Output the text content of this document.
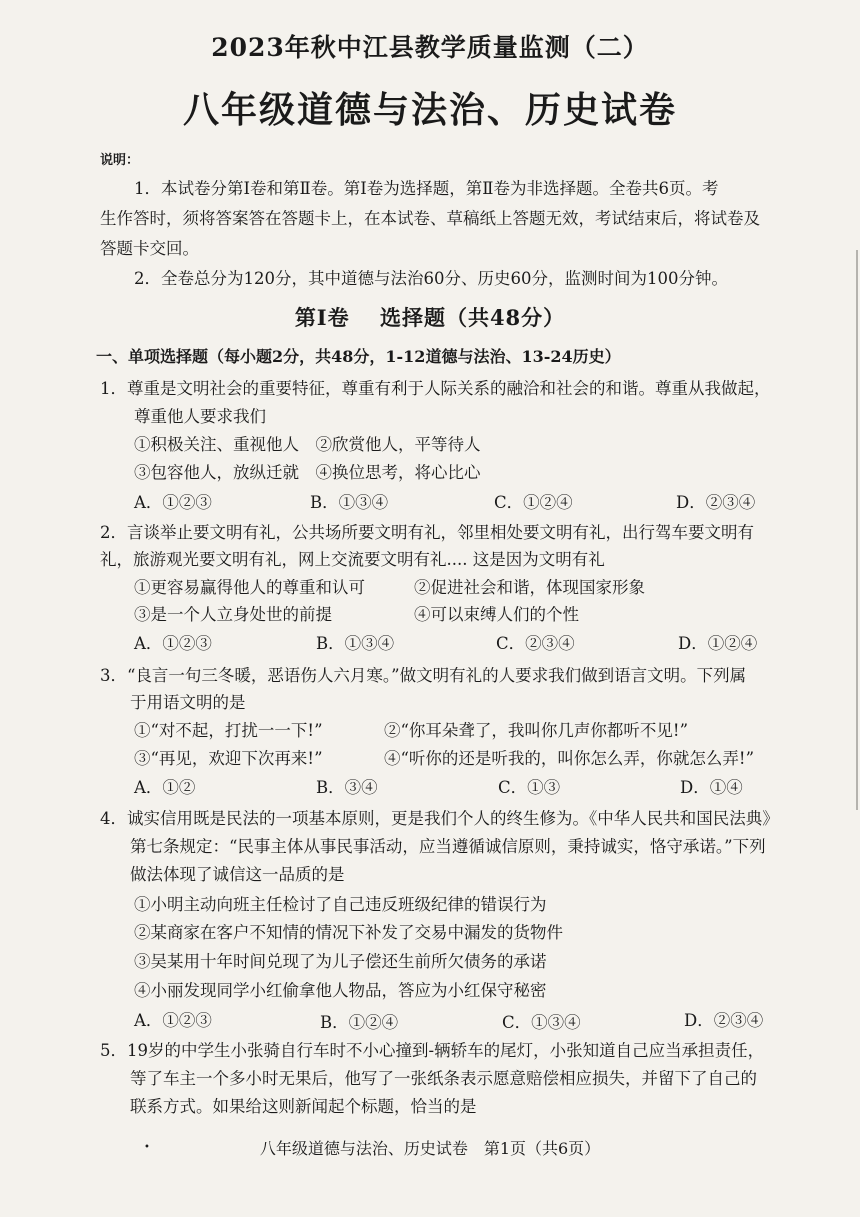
2023年秋中江县教学质量监测（二）
八年级道德与法治、历史试卷
说明：
1．本试卷分第Ⅰ卷和第Ⅱ卷。第Ⅰ卷为选择题，第Ⅱ卷为非选择题。全卷共6页。考
生作答时，须将答案答在答题卡上，在本试卷、草稿纸上答题无效，考试结束后，将试卷及
答题卡交回。
2．全卷总分为120分，其中道德与法治60分、历史60分，监测时间为100分钟。
第Ⅰ卷　 选择题（共48分）
一、单项选择题（每小题2分，共48分，1-12道德与法治、13-24历史）
1．尊重是文明社会的重要特征，尊重有利于人际关系的融洽和社会的和谐。尊重从我做起，
尊重他人要求我们
①积极关注、重视他人　②欣赏他人，平等待人
③包容他人，放纵迁就　④换位思考，将心比心
A．①②③	B．①③④	C．①②④	D．②③④
2．言谈举止要文明有礼，公共场所要文明有礼，邻里相处要文明有礼，出行驾车要文明有
礼，旅游观光要文明有礼，网上交流要文明有礼.... 这是因为文明有礼
①更容易赢得他人的尊重和认可	②促进社会和谐，体现国家形象
③是一个人立身处世的前提	④可以束缚人们的个性
A．①②③	B．①③④	C．②③④	D．①②④
3．“良言一句三冬暖，恶语伤人六月寒。”做文明有礼的人要求我们做到语言文明。下列属
于用语文明的是
①“对不起，打扰一一下!”	②“你耳朵聋了，我叫你几声你都听不见!”
③“再见，欢迎下次再来!”	④“听你的还是听我的，叫你怎么弄，你就怎么弄!”
A．①②	B．③④	C．①③	D．①④
4．诚实信用既是民法的一项基本原则，更是我们个人的终生修为。《中华人民共和国民法典》
第七条规定：“民事主体从事民事活动，应当遵循诚信原则，秉持诚实，恪守承诺。”下列
做法体现了诚信这一品质的是
①小明主动向班主任检讨了自己违反班级纪律的错误行为
②某商家在客户不知情的情况下补发了交易中漏发的货物件
③吴某用十年时间兑现了为儿子偿还生前所欠债务的承诺
④小丽发现同学小红偷拿他人物品，答应为小红保守秘密
A．①②③	B．①②④	C．①③④	D．②③④
5．19岁的中学生小张骑自行车时不小心撞到-辆轿车的尾灯，小张知道自己应当承担责任，
等了车主一个多小时无果后，他写了一张纸条表示愿意赔偿相应损失，并留下了自己的
联系方式。如果给这则新闻起个标题，恰当的是
•	八年级道德与法治、历史试卷　第1页（共6页）
